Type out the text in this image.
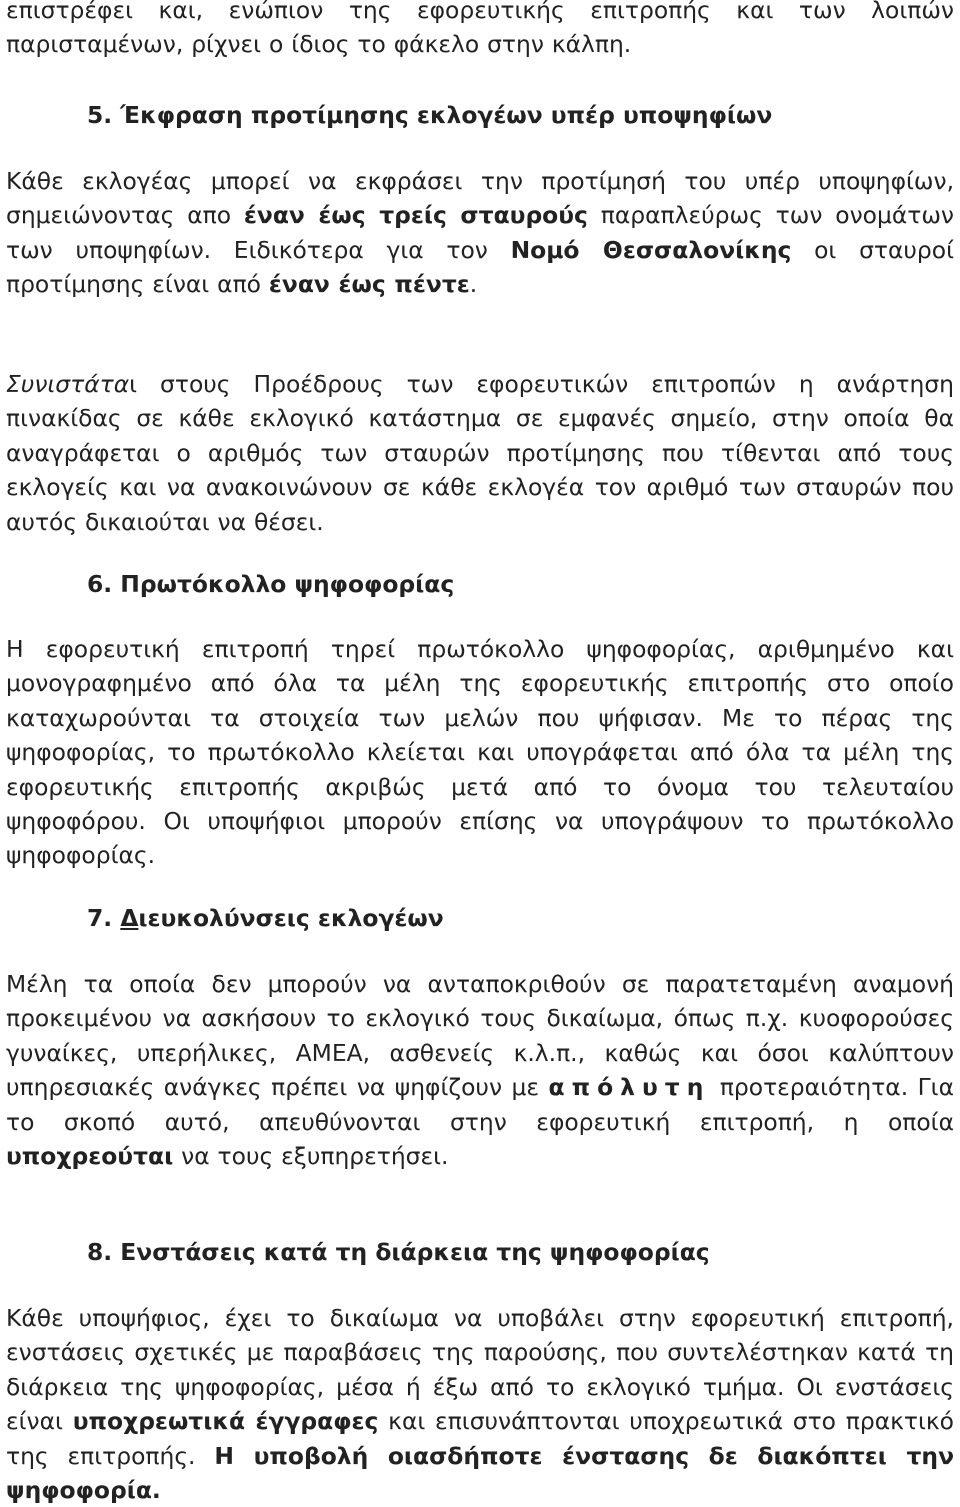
επιστρέφει και, ενώπιον της εφορευτικής επιτροπής και των λοιπών παρισταμένων, ρίχνει ο ίδιος το φάκελο στην κάλπη.

5. Έκφραση προτίμησης εκλογέων υπέρ υποψηφίων

Κάθε εκλογέας μπορεί να εκφράσει την προτίμησή του υπέρ υποψηφίων, σημειώνοντας απο έναν έως τρείς σταυρούς παραπλεύρως των ονομάτων των υποψηφίων. Ειδικότερα για τον Νομό Θεσσαλονίκης οι σταυροί προτίμησης είναι από έναν έως πέντε.

Συνιστάται στους Προέδρους των εφορευτικών επιτροπών η ανάρτηση πινακίδας σε κάθε εκλογικό κατάστημα σε εμφανές σημείο, στην οποία θα αναγράφεται ο αριθμός των σταυρών προτίμησης που τίθενται από τους εκλογείς και να ανακοινώνουν σε κάθε εκλογέα τον αριθμό των σταυρών που αυτός δικαιούται να θέσει.

6. Πρωτόκολλο ψηφοφορίας

Η εφορευτική επιτροπή τηρεί πρωτόκολλο ψηφοφορίας, αριθμημένο και μονογραφημένο από όλα τα μέλη της εφορευτικής επιτροπής στο οποίο καταχωρούνται τα στοιχεία των μελών που ψήφισαν. Με το πέρας της ψηφοφορίας, το πρωτόκολλο κλείεται και υπογράφεται από όλα τα μέλη της εφορευτικής επιτροπής ακριβώς μετά από το όνομα του τελευταίου ψηφοφόρου. Οι υποψήφιοι μπορούν επίσης να υπογράψουν το πρωτόκολλο ψηφοφορίας.

7. Διευκολύνσεις εκλογέων

Μέλη τα οποία δεν μπορούν να ανταποκριθούν σε παρατεταμένη αναμονή προκειμένου να ασκήσουν το εκλογικό τους δικαίωμα, όπως π.χ. κυοφορούσες γυναίκες, υπερήλικες, ΑΜΕΑ, ασθενείς κ.λ.π., καθώς και όσοι καλύπτουν υπηρεσιακές ανάγκες πρέπει να ψηφίζουν με απόλυτη προτεραιότητα. Για το σκοπό αυτό, απευθύνονται στην εφορευτική επιτροπή, η οποία υποχρεούται να τους εξυπηρετήσει.

8. Ενστάσεις κατά τη διάρκεια της ψηφοφορίας

Κάθε υποψήφιος, έχει το δικαίωμα να υποβάλει στην εφορευτική επιτροπή, ενστάσεις σχετικές με παραβάσεις της παρούσης, που συντελέστηκαν κατά τη διάρκεια της ψηφοφορίας, μέσα ή έξω από το εκλογικό τμήμα. Οι ενστάσεις είναι υποχρεωτικά έγγραφες και επισυνάπτονται υποχρεωτικά στο πρακτικό της επιτροπής. Η υποβολή οιασδήποτε ένστασης δε διακόπτει την ψηφοφορία.
